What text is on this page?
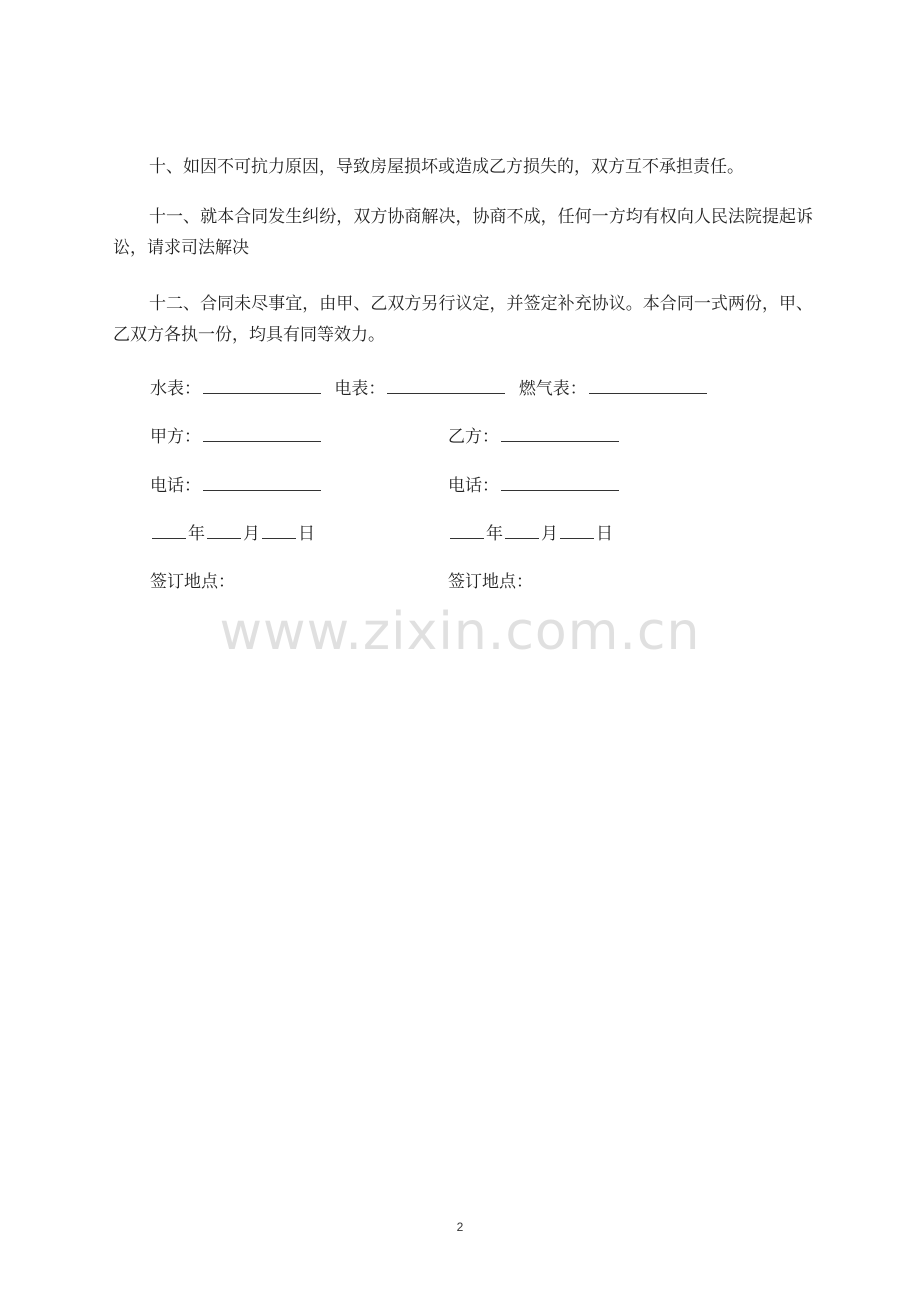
十、如因不可抗力原因，导致房屋损坏或造成乙方损失的，双方互不承担责任。

十一、就本合同发生纠纷，双方协商解决，协商不成，任何一方均有权向人民法院提起诉讼，请求司法解决

十二、合同未尽事宜，由甲、乙双方另行议定，并签定补充协议。本合同一式两份，甲、乙双方各执一份，均具有同等效力。

水表：	电表：	燃气表：
甲方：
电话：
年 月 日
签订地点：
乙方：
电话：
年 月 日
签订地点：
www.zixin.com.cn
2
